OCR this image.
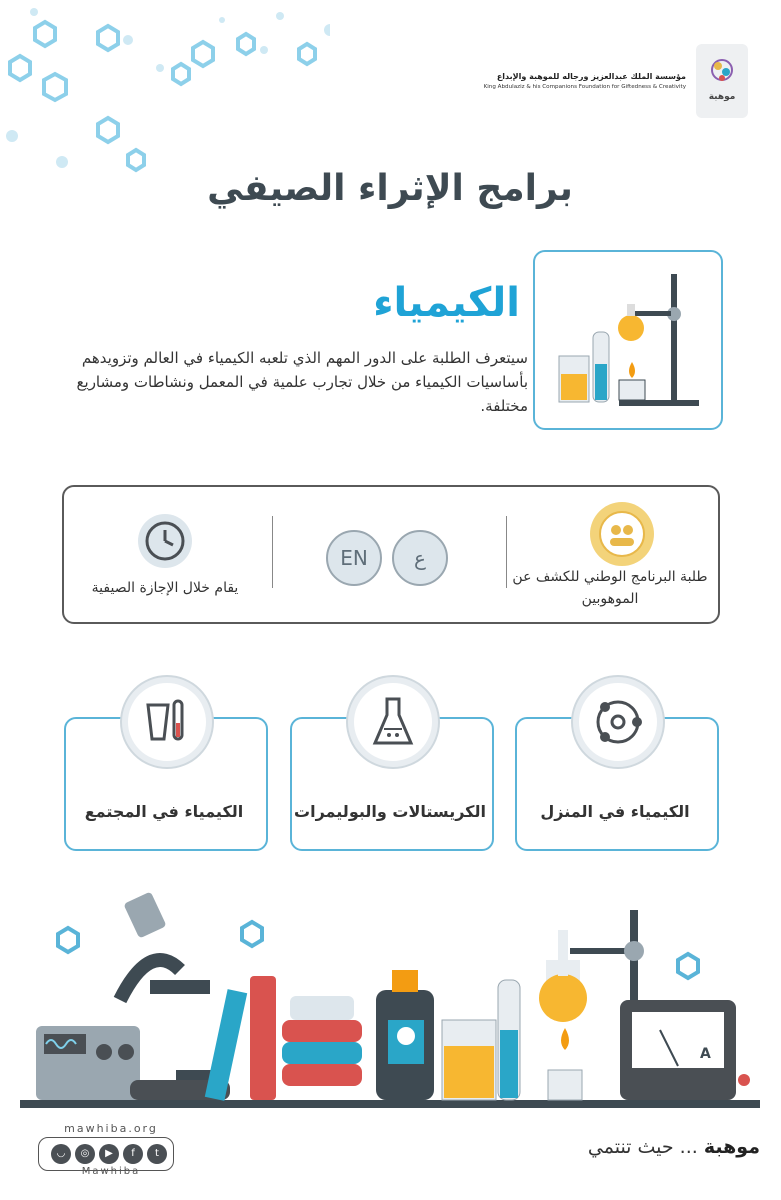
موهبة
مؤسسة الملك عبدالعزيز ورجاله للموهبة والإبداع
King Abdulaziz & his Companions Foundation for Giftedness & Creativity
برامج الإثراء الصيفي
الكيمياء
سيتعرف الطلبة على الدور المهم الذي تلعبه الكيمياء في العالم وتزويدهم بأساسيات الكيمياء من خلال تجارب علمية في المعمل ونشاطات ومشاريع مختلفة.
طلبة البرنامج الوطني للكشف عن الموهوبين
ع
EN
يقام خلال الإجازة الصيفية
الكيمياء في المنزل
الكريستالات والبوليمرات
الكيمياء في المجتمع
A
mawhiba.org
t
f
▶
◎
◡
Mawhiba
موهبة ... حيث تنتمي
